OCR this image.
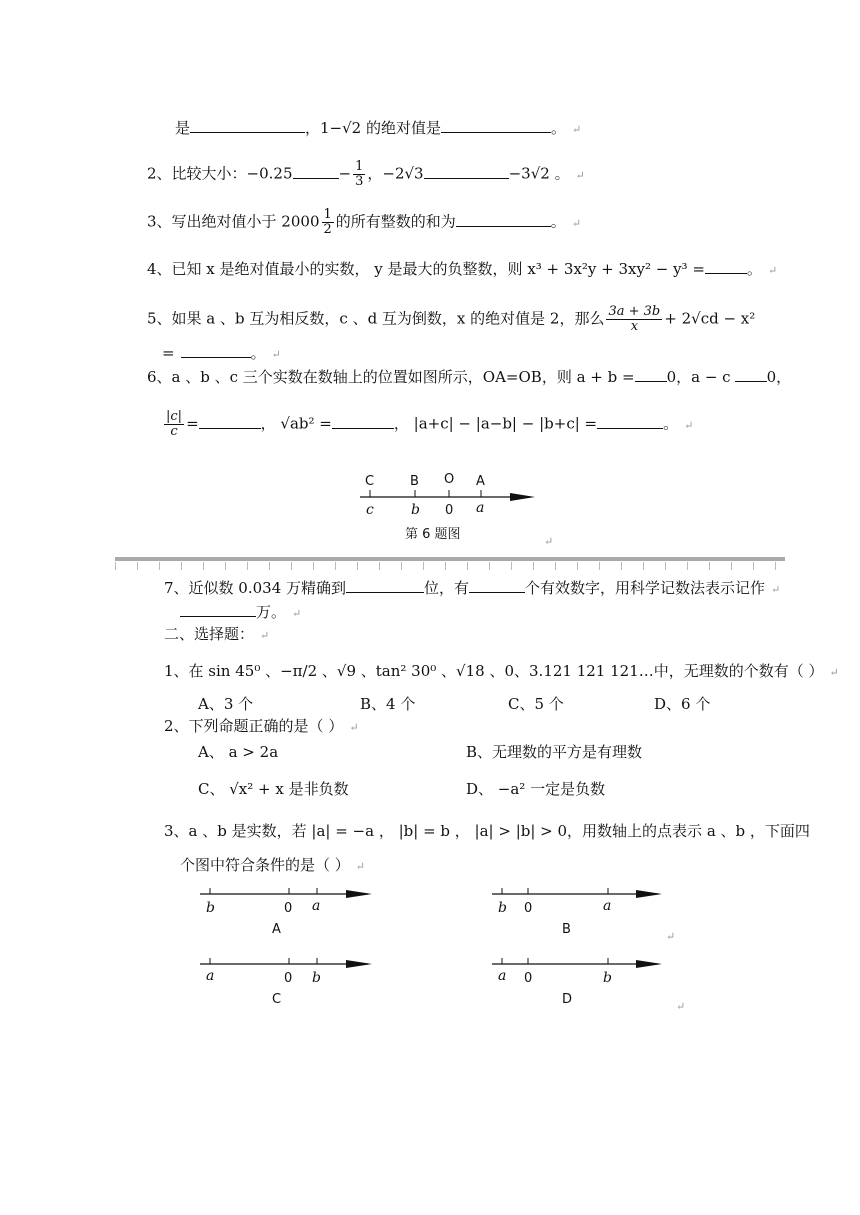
是	，1−√2 的绝对值是	。 ↵
2、比较大小：−0.25	− $\frac{1}{3}$ ，−2√3	−3√2 。 ↵
3、写出绝对值小于 $2000 \frac{1}{2}$ 的所有整数的和为	。 ↵
4、已知 x 是绝对值最小的实数， y 是最大的负整数，则 x³ + 3x²y + 3xy² − y³ =	。 ↵
5、如果 a 、b 互为相反数，c 、d 互为倒数，x 的绝对值是 2，那么 $\frac{3a + 3b}{x} + 2√cd - x^2$
=	。 ↵
6、a 、b 、c 三个实数在数轴上的位置如图所示，OA=OB，则 a + b = 0，a − c 0，
$\frac{|c|}{c}$ =	， √ab² =	， |a+c| − |a−b| − |b+c| =	。 ↵
C	B O A
c	b 0 a
第 6 题图	↵
7、近似数 0.034 万精确到	位，有	个有效数字，用科学记数法表示记作 ↵
万。 ↵
二、选择题： ↵
1、在 sin 45⁰ 、−π/2 、√9 、tan² 30⁰ 、√18 、0、3.121 121 121…中，无理数的个数有（ ） ↵
A、3 个	B、4 个	C、5 个	D、6 个
2、下列命题正确的是（ ） ↵
A、 a > 2a	B、无理数的平方是有理数
C、 √x² + x 是非负数	D、 −a² 一定是负数
3、a 、b 是实数，若 |a| = −a ， |b| = b ， |a| > |b| > 0，用数轴上的点表示 a 、b ，下面四
个图中符合条件的是（ ） ↵
b	0 a
A
b 0	a
B	↵
a	0 b
C
a 0	b
D	↵
